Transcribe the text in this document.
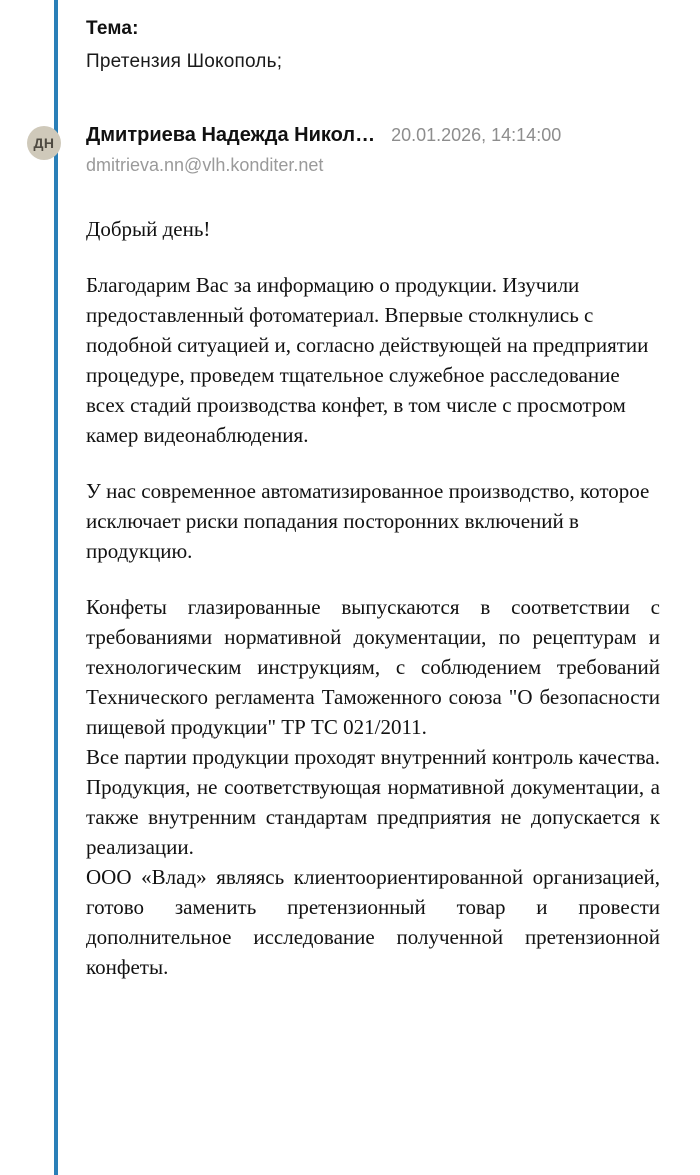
Тема:
Претензия Шокополь;
ДН	Дмитриева Надежда Никол… 20.01.2026, 14:14:00
dmitrieva.nn@vlh.konditer.net

Добрый день!

Благодарим Вас за информацию о продукции. Изучили предоставленный фотоматериал. Впервые столкнулись с подобной ситуацией и, согласно действующей на предприятии процедуре, проведем тщательное служебное расследование всех стадий производства конфет, в том числе с просмотром камер видеонаблюдения.

У нас современное автоматизированное производство, которое исключает риски попадания посторонних включений в продукцию.

Конфеты глазированные выпускаются в соответствии с требованиями нормативной документации, по рецептурам и технологическим инструкциям, с соблюдением требований Технического регламента Таможенного союза "О безопасности пищевой продукции" ТР ТС 021/2011.

Все партии продукции проходят внутренний контроль качества. Продукция, не соответствующая нормативной документации, а также внутренним стандартам предприятия не допускается к реализации.

ООО «Влад» являясь клиентоориентированной организацией, готово заменить претензионный товар и провести дополнительное исследование полученной претензионной конфеты.
